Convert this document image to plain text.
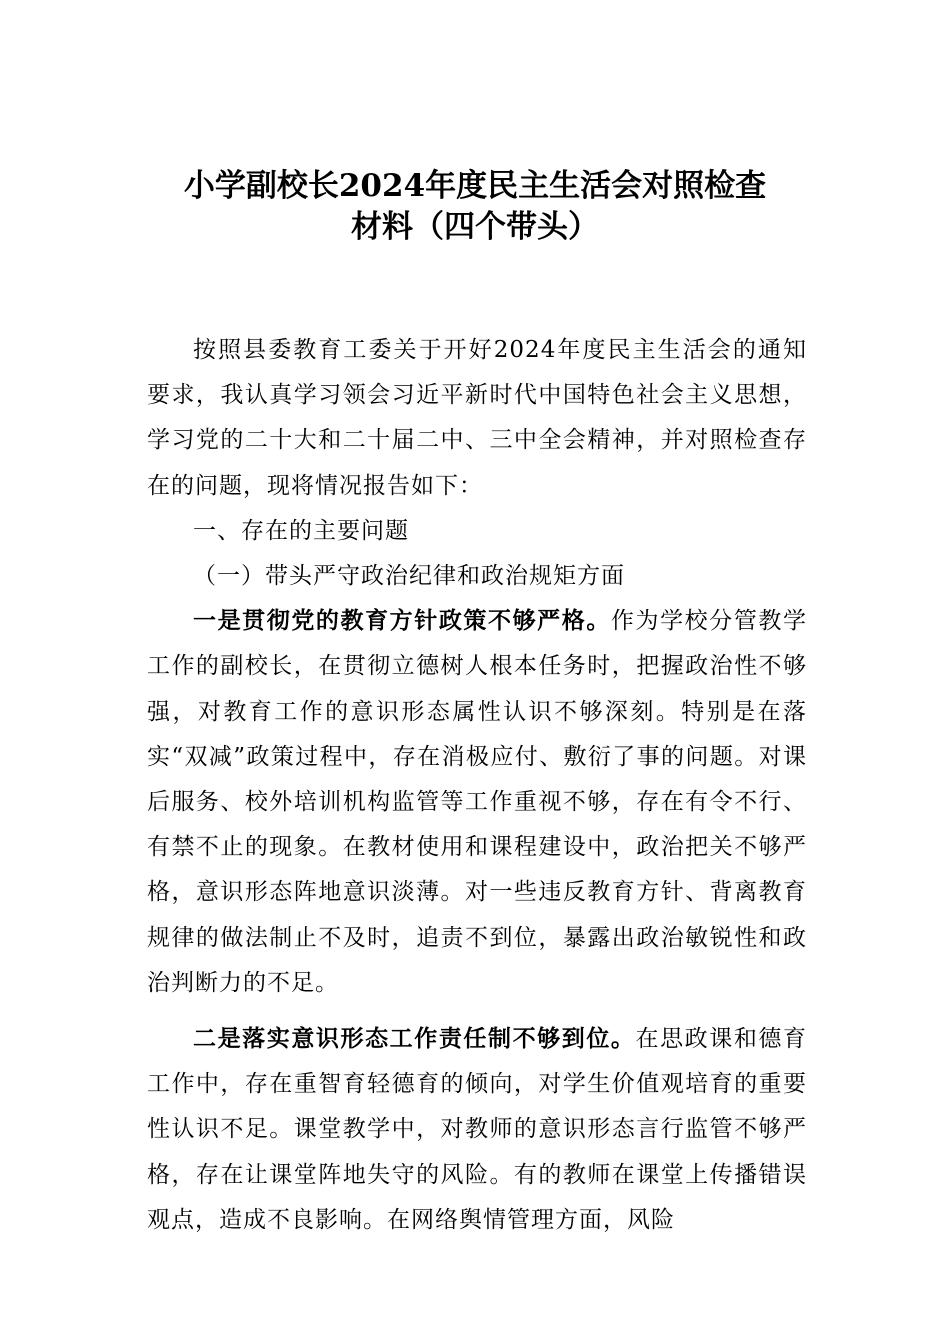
小学副校长2024年度民主生活会对照检查
材料（四个带头）

按照县委教育工委关于开好2024年度民主生活会的通知要求，我认真学习领会习近平新时代中国特色社会主义思想，学习党的二十大和二十届二中、三中全会精神，并对照检查存在的问题，现将情况报告如下：

一、存在的主要问题

（一）带头严守政治纪律和政治规矩方面

一是贯彻党的教育方针政策不够严格。作为学校分管教学工作的副校长，在贯彻立德树人根本任务时，把握政治性不够强，对教育工作的意识形态属性认识不够深刻。特别是在落实“双减”政策过程中，存在消极应付、敷衍了事的问题。对课后服务、校外培训机构监管等工作重视不够，存在有令不行、有禁不止的现象。在教材使用和课程建设中，政治把关不够严格，意识形态阵地意识淡薄。对一些违反教育方针、背离教育规律的做法制止不及时，追责不到位，暴露出政治敏锐性和政治判断力的不足。

二是落实意识形态工作责任制不够到位。在思政课和德育工作中，存在重智育轻德育的倾向，对学生价值观培育的重要性认识不足。课堂教学中，对教师的意识形态言行监管不够严格，存在让课堂阵地失守的风险。有的教师在课堂上传播错误观点，造成不良影响。在网络舆情管理方面，风险
